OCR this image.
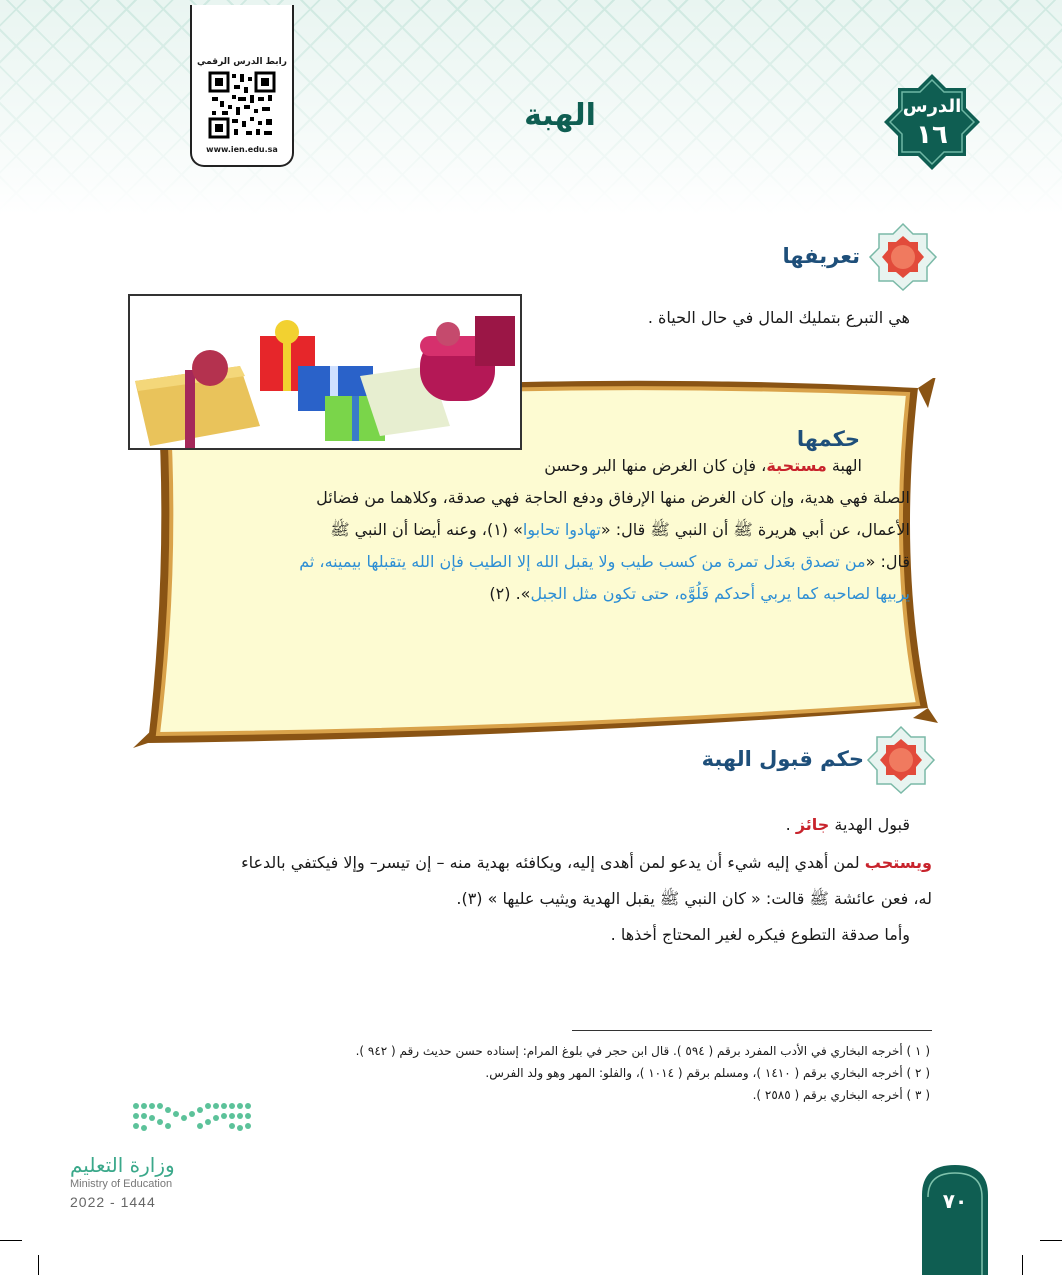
رابط الدرس الرقمي
www.ien.edu.sa
الهبة	الدرس
١٦
تعريفها
هي التبرع بتمليك المال في حال الحياة .
حكمها
الهبة مستحبة، فإن كان الغرض منها البر وحسن
الصلة فهي هدية، وإن كان الغرض منها الإرفاق ودفع الحاجة فهي صدقة، وكلاهما من فضائل
الأعمال، عن أبي هريرة ﷺ أن النبي ﷺ قال: «تهادوا تحابوا» (١)، وعنه أيضا أن النبي ﷺ
قال: «من تصدق بعَدل تمرة من كسب طيب ولا يقبل الله إلا الطيب فإن الله يتقبلها بيمينه، ثم
يربيها لصاحبه كما يربي أحدكم فَلُوَّه، حتى تكون مثل الجبل». (٢)
حكم قبول الهبة
قبول الهدية جائز .
ويستحب لمن أهدي إليه شيء أن يدعو لمن أهدى إليه، ويكافئه بهدية منه – إن تيسر– وإلا فيكتفي بالدعاء
له، فعن عائشة ﷺ قالت: « كان النبي ﷺ يقبل الهدية ويثيب عليها » (٣).
وأما صدقة التطوع فيكره لغير المحتاج أخذها .
( ١ ) أخرجه البخاري في الأدب المفرد برقم ( ٥٩٤ ). قال ابن حجر في بلوغ المرام: إسناده حسن حديث رقم ( ٩٤٢ ).
( ٢ ) أخرجه البخاري برقم ( ١٤١٠ )، ومسلم برقم ( ١٠١٤ )، والفلو: المهر وهو ولد الفرس.
( ٣ ) أخرجه البخاري برقم ( ٢٥٨٥ ).
وزارة التعليم
Ministry of Education
2022 - 1444	٧٠
